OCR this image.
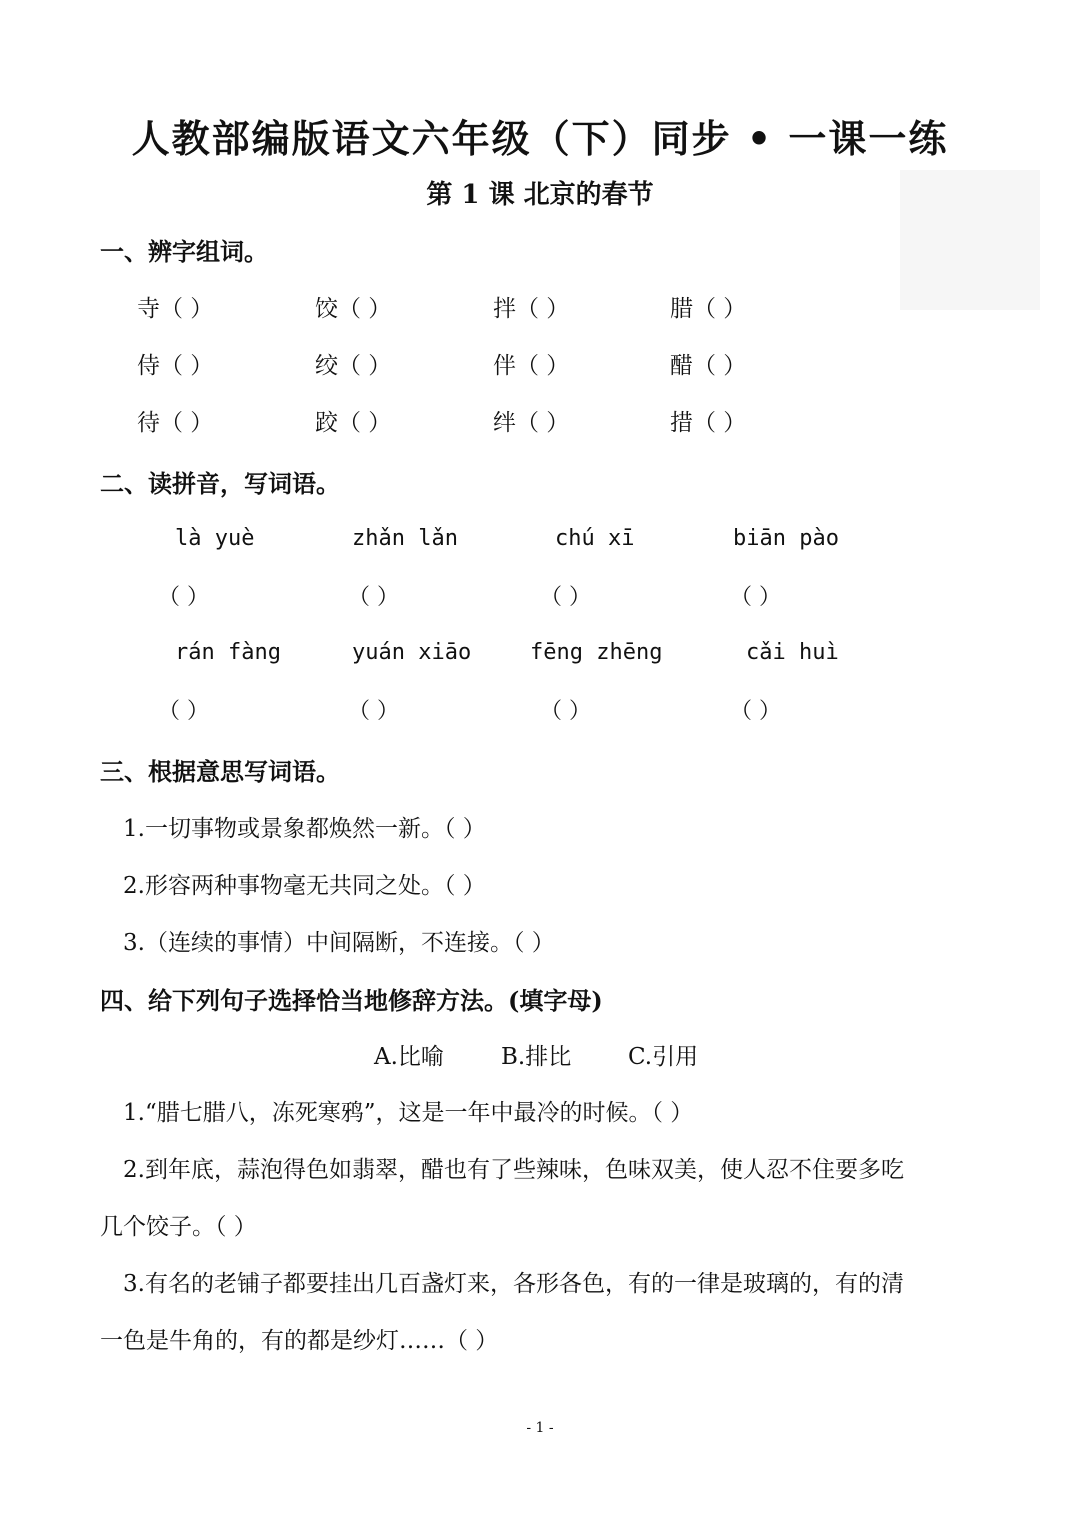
人教部编版语文六年级（下）同步 • 一课一练
第 1 课 北京的春节
一、辨字组词。
寺（ ）	饺（ ）	拌（ ）	腊（ ）
侍（ ）	绞（ ）	伴（ ）	醋（ ）
待（ ）	跤（ ）	绊（ ）	措（ ）
二、读拼音，写词语。
là yuè	zhǎn lǎn	chú xī	biān pào
（ ）	（ ）	（ ）	（ ）
rán fàng	yuán xiāo	fēng zhēng	cǎi huì
（ ）	（ ）	（ ）	（ ）
三、根据意思写词语。
1.一切事物或景象都焕然一新。（ ）
2.形容两种事物毫无共同之处。（ ）
3.（连续的事情）中间隔断，不连接。（ ）
四、给下列句子选择恰当地修辞方法。(填字母)
A.比喻 B.排比 C.引用
1.“腊七腊八，冻死寒鸦”，这是一年中最冷的时候。（ ）
2.到年底，蒜泡得色如翡翠，醋也有了些辣味，色味双美，使人忍不住要多吃
几个饺子。（ ）
3.有名的老铺子都要挂出几百盏灯来，各形各色，有的一律是玻璃的，有的清
一色是牛角的，有的都是纱灯……（ ）
- 1 -
